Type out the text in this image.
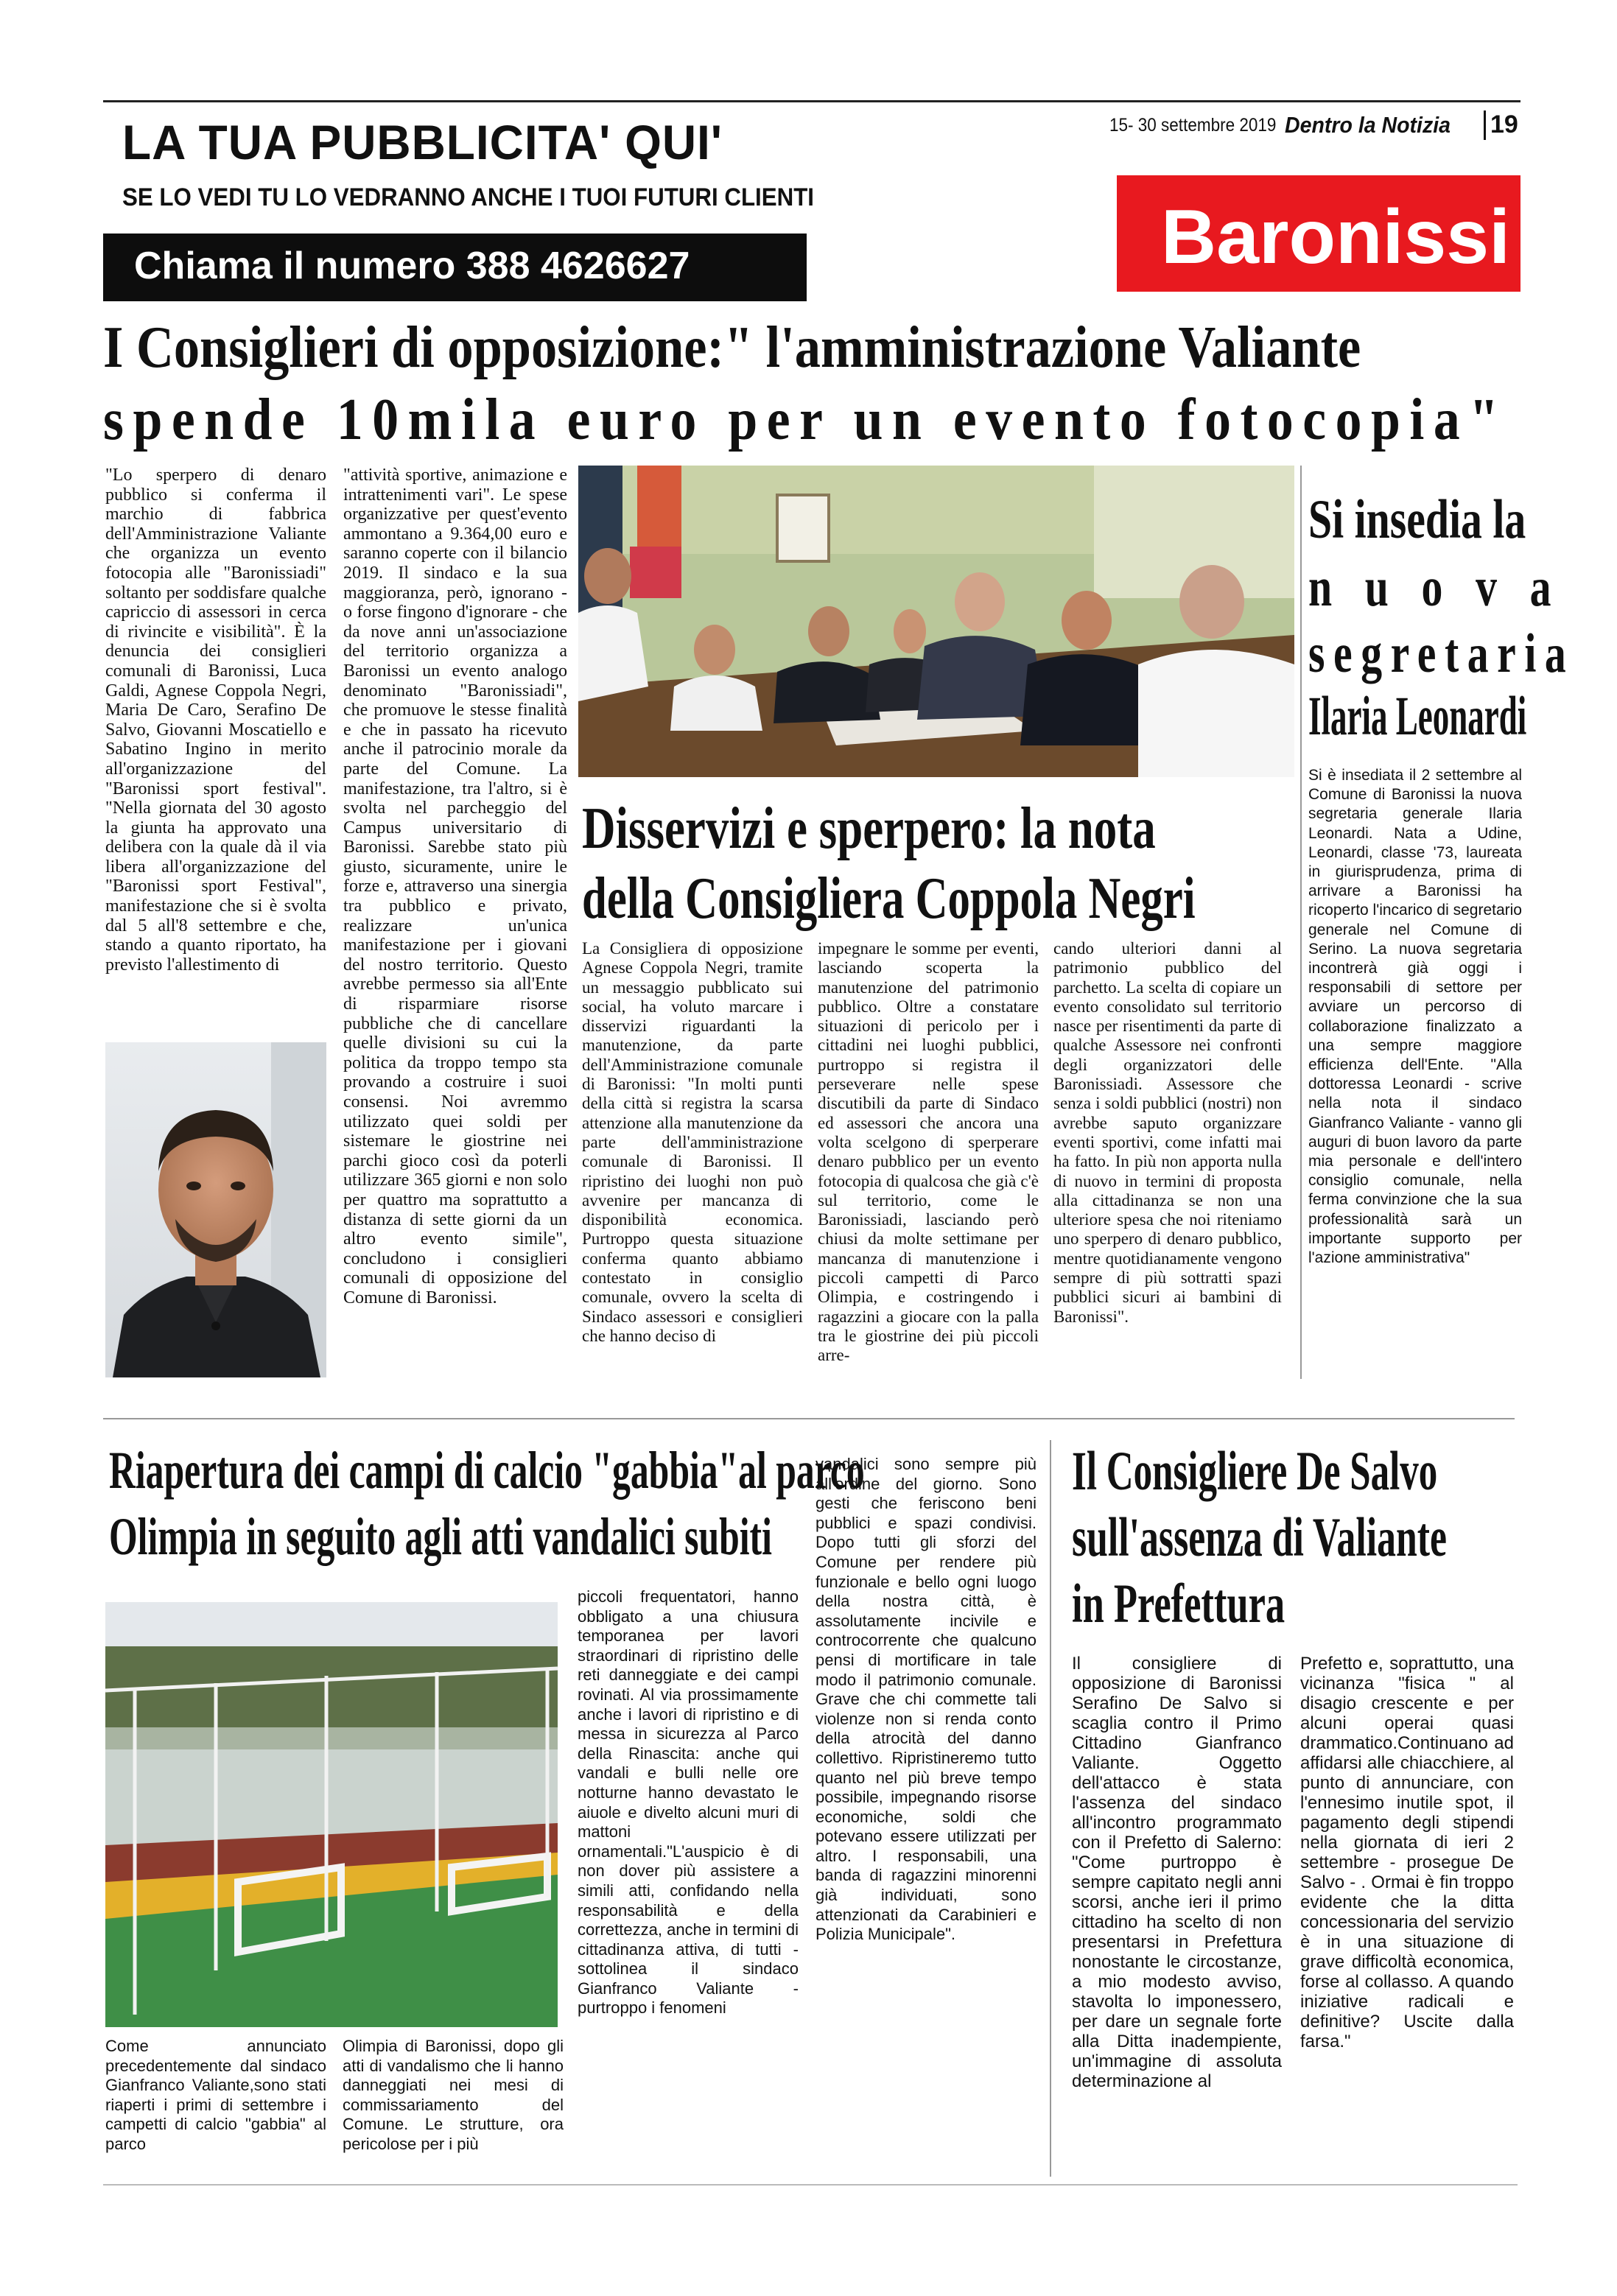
LA TUA PUBBLICITA' QUI'
SE LO VEDI TU LO VEDRANNO ANCHE I TUOI FUTURI CLIENTI
Chiama il numero 388 4626627
15- 30 settembre 2019 Dentro la Notizia 19
Baronissi
I Consiglieri di opposizione:" l'amministrazione Valiante
spende 10mila euro per un evento fotocopia"
"Lo sperpero di denaro pubblico si conferma il marchio di fabbrica dell'Amministrazione Valiante che organizza un evento fotocopia alle "Baronissiadi" soltanto per soddisfare qualche capriccio di assessori in cerca di rivincite e visibilità". È la denuncia dei consiglieri comunali di Baronissi, Luca Galdi, Agnese Coppola Negri, Maria De Caro, Serafino De Salvo, Giovanni Moscatiello e Sabatino Ingino in merito all'organizzazione del "Baronissi sport festival". "Nella giornata del 30 agosto la giunta ha approvato una delibera con la quale dà il via libera all'organizzazione del "Baronissi sport Festival", manifestazione che si è svolta dal 5 all'8 settembre e che, stando a quanto riportato, ha previsto l'allestimento di
"attività sportive, animazione e intrattenimenti vari". Le spese organizzative per quest'evento ammontano a 9.364,00 euro e saranno coperte con il bilancio 2019. Il sindaco e la sua maggioranza, però, ignorano - o forse fingono d'ignorare - che da nove anni un'associazione del territorio organizza a Baronissi un evento analogo denominato "Baronissiadi", che promuove le stesse finalità e che in passato ha ricevuto anche il patrocinio morale da parte del Comune. La manifestazione, tra l'altro, si è svolta nel parcheggio del Campus universitario di Baronissi. Sarebbe stato più giusto, sicuramente, unire le forze e, attraverso una sinergia tra pubblico e privato, realizzare un'unica manifestazione per i giovani del nostro territorio. Questo avrebbe permesso sia all'Ente di risparmiare risorse pubbliche che di cancellare quelle divisioni su cui la politica da troppo tempo sta provando a costruire i suoi consensi. Noi avremmo utilizzato quei soldi per sistemare le giostrine nei parchi gioco così da poterli utilizzare 365 giorni e non solo per quattro ma soprattutto a distanza di sette giorni da un altro evento simile", concludono i consiglieri comunali di opposizione del Comune di Baronissi.
Disservizi e sperpero: la nota
della Consigliera Coppola Negri
La Consigliera di opposizione Agnese Coppola Negri, tramite un messaggio pubblicato sui social, ha voluto marcare i disservizi riguardanti la manutenzione, da parte dell'Amministrazione comunale di Baronissi: "In molti punti della città si registra la scarsa attenzione alla manutenzione da parte dell'amministrazione comunale di Baronissi. Il ripristino dei luoghi non può avvenire per mancanza di disponibilità economica. Purtroppo questa situazione conferma quanto abbiamo contestato in consiglio comunale, ovvero la scelta di Sindaco assessori e consiglieri che hanno deciso di
impegnare le somme per eventi, lasciando scoperta la manutenzione del patrimonio pubblico. Oltre a constatare situazioni di pericolo per i cittadini nei luoghi pubblici, purtroppo si registra il perseverare nelle spese discutibili da parte di Sindaco ed assessori che ancora una volta scelgono di sperperare denaro pubblico per un evento fotocopia di qualcosa che già c'è sul territorio, come le Baronissiadi, lasciando però chiusi da molte settimane per mancanza di manutenzione i piccoli campetti di Parco Olimpia, e costringendo i ragazzini a giocare con la palla tra le giostrine dei più piccoli arre-
cando ulteriori danni al patrimonio pubblico del parchetto. La scelta di copiare un evento consolidato sul territorio nasce per risentimenti da parte di qualche Assessore nei confronti degli organizzatori delle Baronissiadi. Assessore che senza i soldi pubblici (nostri) non avrebbe saputo organizzare eventi sportivi, come infatti mai ha fatto. In più non apporta nulla di nuovo in termini di proposta alla cittadinanza se non una ulteriore spesa che noi riteniamo uno sperpero di denaro pubblico, mentre quotidianamente vengono sempre di più sottratti spazi pubblici sicuri ai bambini di Baronissi".
Si insedia la
nuova
segretaria
Ilaria Leonardi
Si è insediata il 2 settembre al Comune di Baronissi la nuova segretaria generale Ilaria Leonardi. Nata a Udine, Leonardi, classe '73, laureata in giurisprudenza, prima di arrivare a Baronissi ha ricoperto l'incarico di segretario generale nel Comune di Serino. La nuova segretaria incontrerà già oggi i responsabili di settore per avviare un percorso di collaborazione finalizzato a una sempre maggiore efficienza dell'Ente. "Alla dottoressa Leonardi - scrive nella nota il sindaco Gianfranco Valiante - vanno gli auguri di buon lavoro da parte mia personale e dell'intero consiglio comunale, nella ferma convinzione che la sua professionalità sarà un importante supporto per l'azione amministrativa"
Riapertura dei campi di calcio "gabbia"al parco
Olimpia in seguito agli atti vandalici subiti
Come annunciato precedentemente dal sindaco Gianfranco Valiante,sono stati riaperti i primi di settembre i campetti di calcio "gabbia" al parco
Olimpia di Baronissi, dopo gli atti di vandalismo che li hanno danneggiati nei mesi di commissariamento del Comune. Le strutture, ora pericolose per i più
piccoli frequentatori, hanno obbligato a una chiusura temporanea per lavori straordinari di ripristino delle reti danneggiate e dei campi rovinati. Al via prossimamente anche i lavori di ripristino e di messa in sicurezza al Parco della Rinascita: anche qui vandali e bulli nelle ore notturne hanno devastato le aiuole e divelto alcuni muri di mattoni ornamentali."L'auspicio è di non dover più assistere a simili atti, confidando nella responsabilità e della correttezza, anche in termini di cittadinanza attiva, di tutti - sottolinea il sindaco Gianfranco Valiante - purtroppo i fenomeni
vandalici sono sempre più all'ordine del giorno. Sono gesti che feriscono beni pubblici e spazi condivisi. Dopo tutti gli sforzi del Comune per rendere più funzionale e bello ogni luogo della nostra città, è assolutamente incivile e controcorrente che qualcuno pensi di mortificare in tale modo il patrimonio comunale. Grave che chi commette tali violenze non si renda conto della atrocità del danno collettivo. Ripristineremo tutto quanto nel più breve tempo possibile, impegnando risorse economiche, soldi che potevano essere utilizzati per altro. I responsabili, una banda di ragazzini minorenni già individuati, sono attenzionati da Carabinieri e Polizia Municipale".
Il Consigliere De Salvo
sull'assenza di Valiante
in Prefettura
Il consigliere di opposizione di Baronissi Serafino De Salvo si scaglia contro il Primo Cittadino Gianfranco Valiante. Oggetto dell'attacco è stata l'assenza del sindaco all'incontro programmato con il Prefetto di Salerno: "Come purtroppo è sempre capitato negli anni scorsi, anche ieri il primo cittadino ha scelto di non presentarsi in Prefettura nonostante le circostanze, a mio modesto avviso, stavolta lo imponessero, per dare un segnale forte alla Ditta inadempiente, un'immagine di assoluta determinazione al
Prefetto e, soprattutto, una vicinanza "fisica " al disagio crescente e per alcuni operai quasi drammatico.Continuano ad affidarsi alle chiacchiere, al punto di annunciare, con l'ennesimo inutile spot, il pagamento degli stipendi nella giornata di ieri 2 settembre - prosegue De Salvo - . Ormai è fin troppo evidente che la ditta concessionaria del servizio è in una situazione di grave difficoltà economica, forse al collasso. A quando iniziative radicali e definitive? Uscite dalla farsa."
